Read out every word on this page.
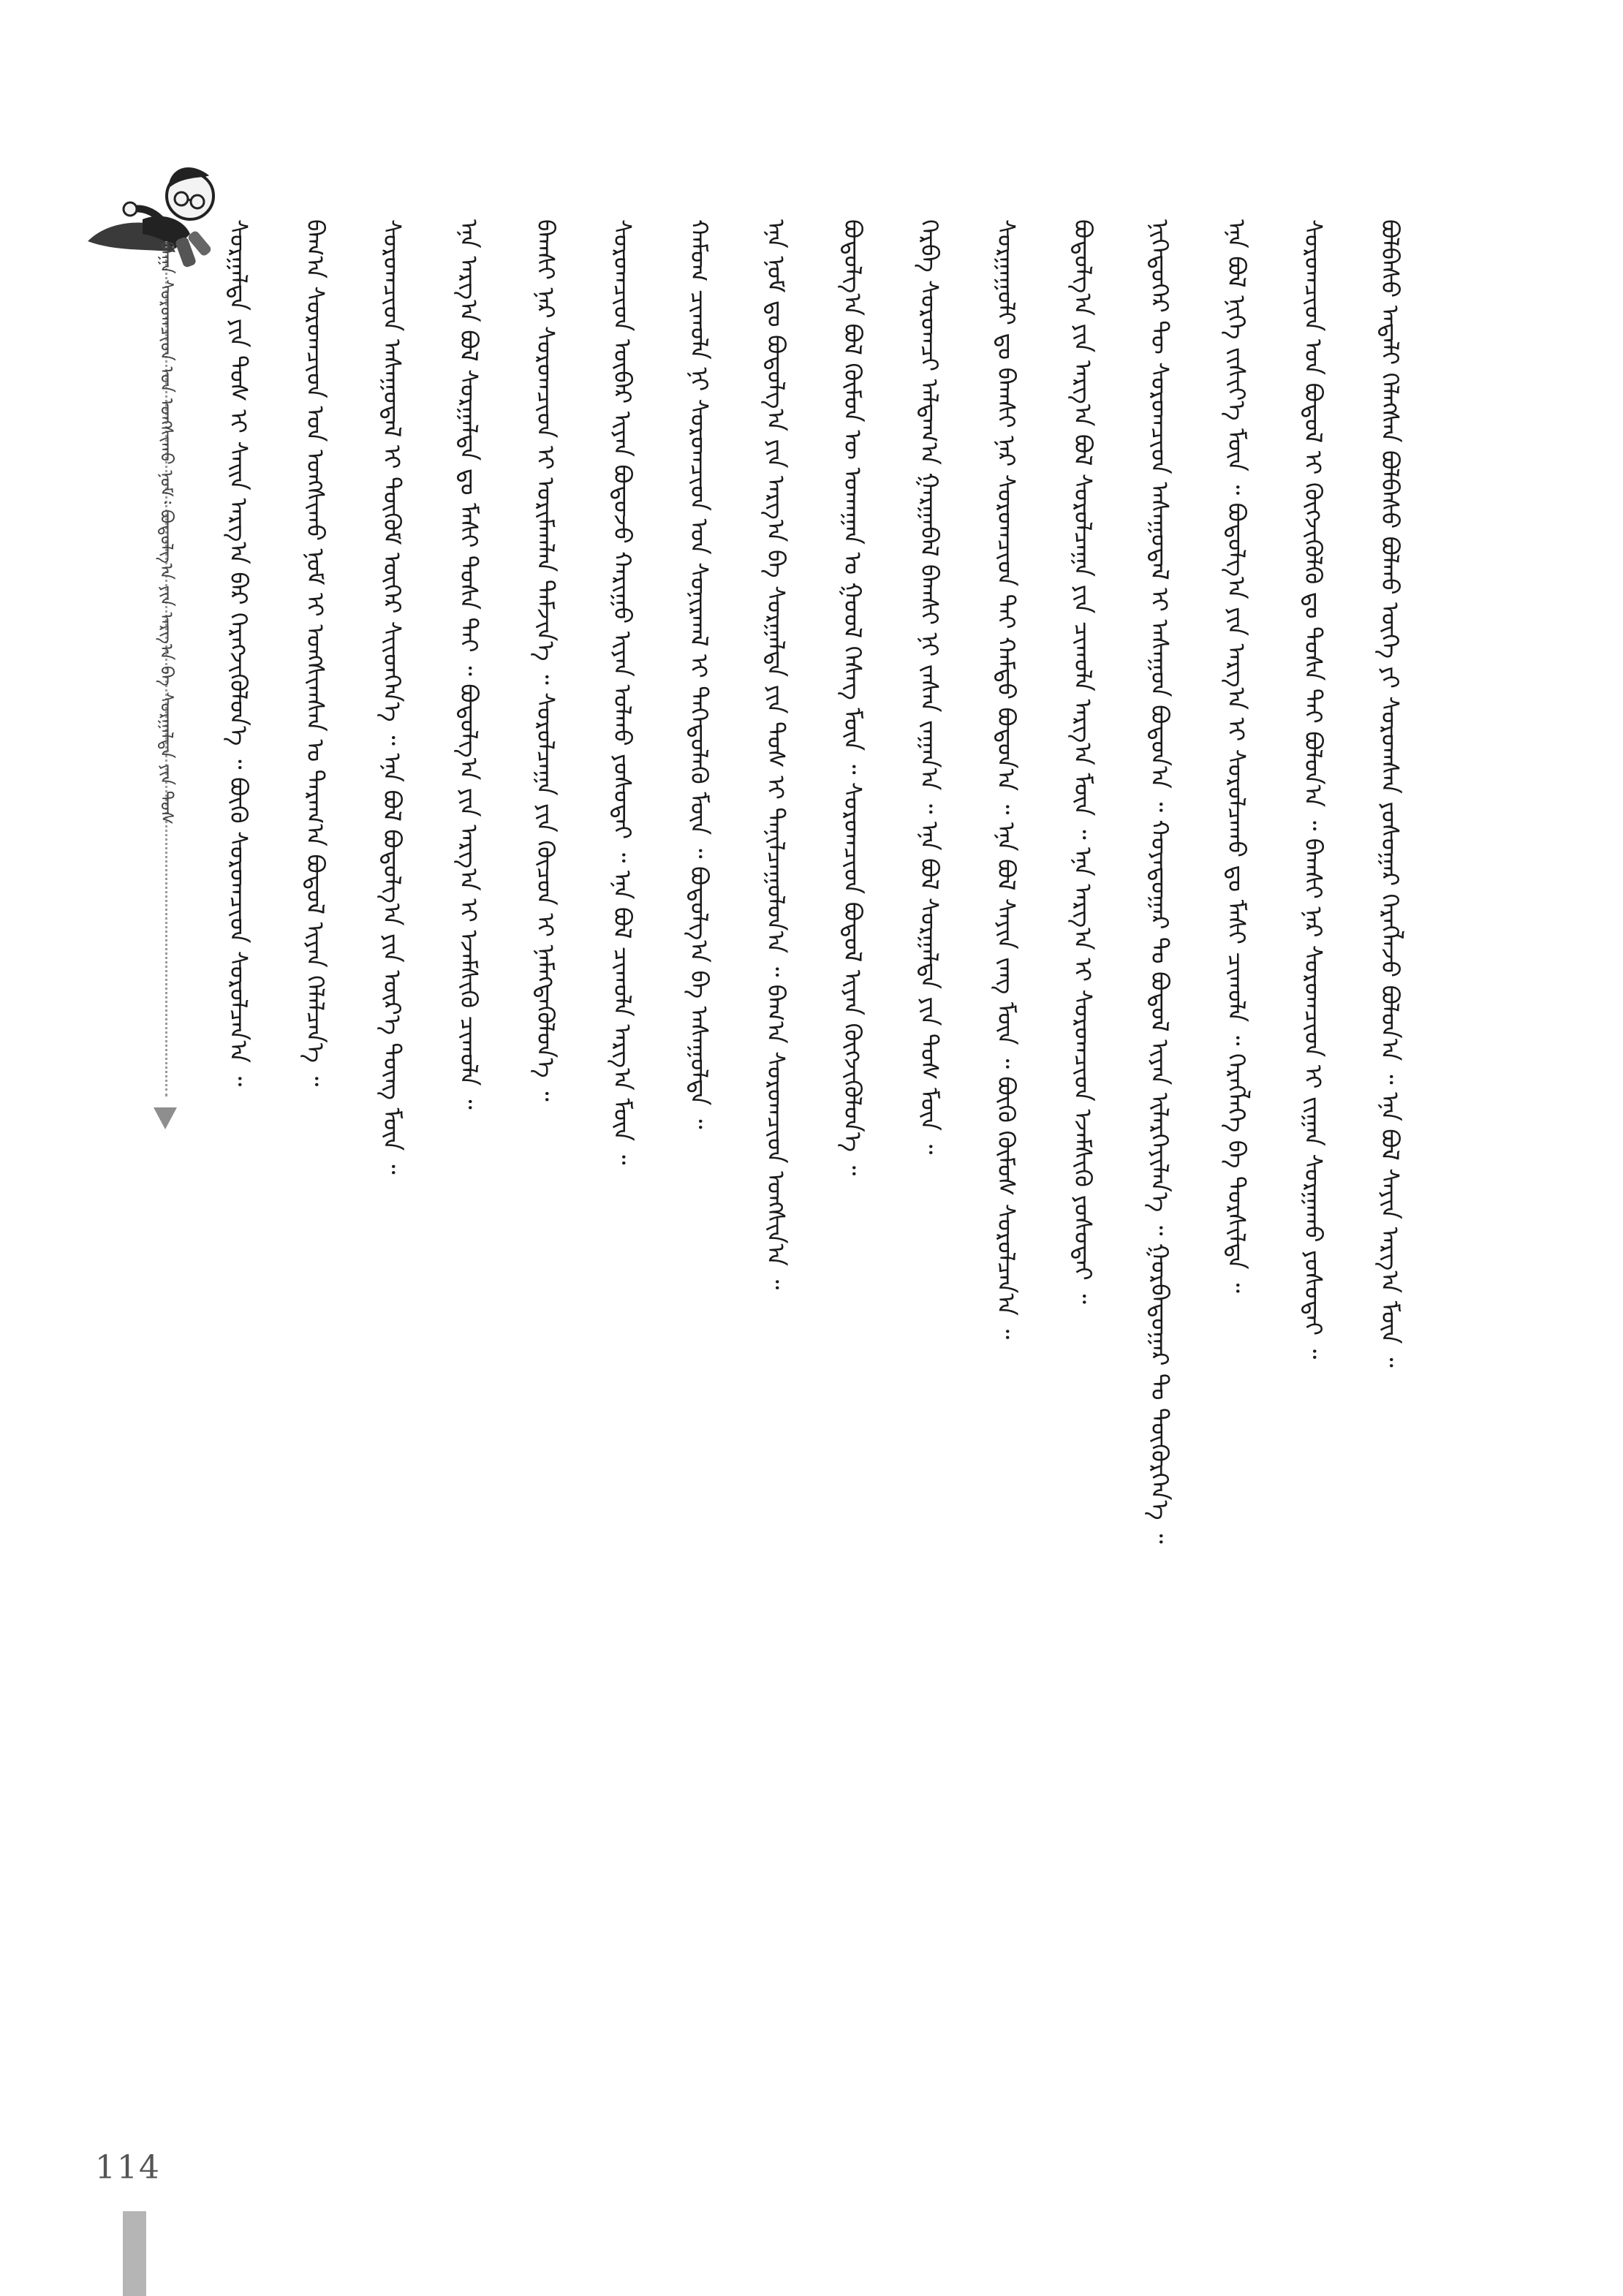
ᠪᠠᠭᠠ ᠰᠤᠷᠤᠭᠴᠢᠳ ᠤᠨ ᠤᠩᠰᠢᠬᠤ ᠨᠣᠮ᠄ ᠪᠣᠳᠤᠯᠭ᠎ᠠ ᠶᠢᠨ ᠠᠷᠭ᠎ᠠ ᠪᠠ ᠰᠤᠷᠭᠠᠯᠲᠠ ᠶᠢᠨ ᠲᠤᠰ ᠰᠤᠷᠭᠠᠯᠲᠠ ᠶᠢᠨ ᠲᠤᠰ ᠢ ᠰᠠᠢᠨ ᠠᠷᠭ᠎ᠠ ᠪᠠᠷ ᠬᠡᠷᠡᠭᠵᠢᠭᠦᠯᠦᠨ᠎ᠡ ᠃ ᠪᠦᠬᠦ ᠰᠤᠷᠤᠭᠴᠢᠳ ᠰᠤᠷᠤᠯᠴᠠᠨ᠎ᠠ ᠃ ᠪᠠᠭ᠎ᠠ ᠰᠤᠷᠤᠭᠴᠢᠳ ᠤᠨ ᠤᠩᠰᠢᠬᠤ ᠨᠣᠮ ᠢ ᠤᠩᠰᠢᠭᠰᠠᠨ ᠤ ᠳᠠᠷᠠᠭ᠎ᠠ ᠪᠣᠳᠤᠯ ᠢᠶᠠᠨ ᠬᠡᠯᠡᠯᠴᠡᠨ᠎ᠡ ᠃ ᠰᠤᠷᠤᠭᠴᠢᠳ ᠠᠰᠠᠭᠤᠳᠠᠯ ᠢ ᠳᠦᠭᠦᠮ ᠦᠭᠡᠷ ᠰᠢᠢᠳᠬᠡᠨ᠎ᠡ ᠃ ᠡᠨᠡ ᠪᠣᠯ ᠪᠣᠳᠤᠯᠭ᠎ᠠ ᠶᠢᠨ ᠦᠷ᠎ᠡ ᠳᠦᠩ ᠮᠥᠨ ᠃ ᠡᠨᠡ ᠠᠷᠭ᠎ᠠ ᠪᠣᠯ ᠰᠤᠷᠭᠠᠯᠲᠠ ᠳᠤ ᠮᠠᠰᠢ ᠲᠤᠰᠠ ᠲᠠᠢ ᠃ ᠪᠣᠳᠤᠯᠭ᠎ᠠ ᠶᠢᠨ ᠠᠷᠭ᠎ᠠ ᠢ ᠡᠵᠡᠮᠰᠢᠬᠦ ᠴᠢᠬᠤᠯᠠ ᠃ ᠪᠠᠭᠰᠢ ᠨᠠᠷ ᠰᠤᠷᠤᠭᠴᠢᠳ ᠢ ᠤᠷᠢᠮᠠᠭᠯᠠᠨ ᠳᠡᠮᠵᠢᠨ᠎ᠡ ᠃ ᠰᠤᠷᠤᠯᠴᠠᠭᠠ ᠶᠢᠨ ᠬᠦᠴᠦᠨ ᠢ ᠨᠡᠮᠡᠭᠳᠡᠭᠦᠯᠦᠨ᠎ᠡ ᠃ ᠰᠤᠷᠤᠭᠴᠢᠳ ᠥᠪᠡᠷ ᠢᠶᠡᠨ ᠪᠣᠳᠤᠵᠤ ᠬᠠᠷᠢᠭᠤ ᠢᠶᠠᠨ ᠣᠯᠬᠤ ᠶᠣᠰᠤᠲᠠᠢ ᠃ ᠡᠨᠡ ᠪᠣᠯ ᠴᠢᠬᠤᠯᠠ ᠠᠷᠭ᠎ᠠ ᠮᠥᠨ ᠃ ᠬᠠᠮᠤᠭ ᠴᠢᠬᠤᠯᠠ ᠨᠢ ᠰᠤᠷᠤᠭᠴᠢᠳ ᠤᠨ ᠰᠣᠨᠢᠷᠬᠠᠯ ᠢ ᠳᠡᠭᠡᠳᠦᠯᠡᠬᠦ ᠮᠥᠨ ᠃ ᠪᠣᠳᠤᠯᠭ᠎ᠠ ᠪᠠ ᠠᠰᠠᠭᠤᠯᠲᠠ ᠃ ᠡᠨᠡ ᠨᠣᠮ ᠳᠤ ᠪᠣᠳᠤᠯᠭ᠎ᠠ ᠶᠢᠨ ᠠᠷᠭ᠎ᠠ ᠪᠠ ᠰᠤᠷᠭᠠᠯᠲᠠ ᠶᠢᠨ ᠲᠤᠰ ᠢ ᠲᠠᠨᠢᠯᠴᠠᠭᠤᠯᠤᠨ᠎ᠠ ᠃ ᠪᠠᠭ᠎ᠠ ᠰᠤᠷᠤᠭᠴᠢᠳ ᠤᠩᠰᠢᠨ᠎ᠠ ᠃ ᠪᠣᠳᠤᠯᠭ᠎ᠠ ᠪᠣᠯ ᠬᠦᠮᠦᠨ ᠦ ᠤᠬᠠᠭᠠᠨ ᠤ ᠭᠣᠣᠯ ᠬᠡᠰᠡᠭ ᠮᠥᠨ ᠃ ᠰᠤᠷᠤᠭᠴᠢᠳ ᠪᠣᠳᠤᠯ ᠢᠶᠠᠨ ᠬᠥᠭᠵᠢᠭᠦᠯᠦᠨ᠎ᠡ ᠃ ᠬᠡᠷᠪᠡ ᠰᠤᠷᠤᠭᠴᠢ ᠠᠯᠳᠠᠭ᠎ᠠ ᠭᠠᠷᠭᠠᠪᠠᠯ ᠪᠠᠭᠰᠢ ᠨᠢ ᠵᠠᠰᠠᠨ ᠵᠠᠭᠠᠨ᠎ᠠ ᠃ ᠡᠨᠡ ᠪᠣᠯ ᠰᠤᠷᠭᠠᠯᠲᠠ ᠶᠢᠨ ᠲᠤᠰ ᠮᠥᠨ ᠃ ᠰᠤᠷᠭᠠᠭᠤᠯᠢ ᠳᠤ ᠪᠠᠭᠰᠢ ᠨᠠᠷ ᠰᠤᠷᠤᠭᠴᠢᠳ ᠲᠠᠢ ᠬᠠᠮᠲᠤ ᠪᠣᠳᠤᠨ᠎ᠠ ᠃ ᠡᠨᠡ ᠪᠣᠯ ᠰᠠᠶᠢᠨ ᠵᠠᠩ ᠮᠥᠨ ᠃ ᠪᠦᠬᠦ ᠬᠦᠮᠦᠰ ᠰᠤᠷᠤᠯᠴᠠᠨ᠎ᠠ ᠃ ᠪᠣᠳᠤᠯᠭ᠎ᠠ ᠶᠢᠨ ᠠᠷᠭ᠎ᠠ ᠪᠣᠯ ᠰᠤᠷᠤᠯᠴᠠᠭᠠ ᠶᠢᠨ ᠴᠢᠬᠤᠯᠠ ᠠᠷᠭ᠎ᠠ ᠮᠥᠨ ᠃ ᠡᠨᠡ ᠠᠷᠭ᠎ᠠ ᠢ ᠰᠤᠷᠤᠭᠴᠢᠳ ᠡᠵᠡᠮᠰᠢᠬᠦ ᠶᠣᠰᠤᠲᠠᠢ ᠃ ᠨᠢᠭᠡᠳᠦᠭᠡᠷ ᠲᠦ ᠰᠤᠷᠤᠭᠴᠢᠳ ᠠᠰᠠᠭᠤᠳᠠᠯ ᠢ ᠠᠰᠠᠭᠤᠨ ᠪᠣᠳᠤᠨ᠎ᠠ ᠃ ᠬᠣᠶᠠᠳᠤᠭᠠᠷ ᠲᠤ ᠪᠣᠳᠤᠯ ᠢᠶᠠᠨ ᠢᠯᠡᠷᠬᠡᠶᠢᠯᠡᠨ᠎ᠡ ᠃ ᠭᠤᠷᠪᠠᠳᠤᠭᠠᠷ ᠲᠤ ᠳᠦᠭᠦᠷᠭᠡᠨ᠎ᠡ ᠃ ᠡᠨᠡ ᠪᠣᠯ ᠨᠢᠭᠡ ᠵᠢᠰᠢᠶ᠎ᠡ ᠮᠥᠨ ᠃ ᠪᠣᠳᠤᠯᠭ᠎ᠠ ᠶᠢᠨ ᠠᠷᠭ᠎ᠠ ᠢ ᠰᠤᠷᠤᠯᠴᠠᠬᠤ ᠳᠤ ᠮᠠᠰᠢ ᠴᠢᠬᠤᠯᠠ ᠃ ᠬᠡᠷᠡᠭᠯᠡᠭᠡ ᠪᠠ ᠲᠤᠷᠰᠢᠯᠲᠠ ᠃ ᠰᠤᠷᠤᠭᠴᠢᠳ ᠤᠨ ᠪᠣᠳᠤᠯ ᠢ ᠬᠥᠭᠵᠢᠭᠦᠯᠬᠦ ᠳᠤ ᠲᠤᠰᠠ ᠲᠠᠢ ᠪᠣᠯᠤᠨ᠎ᠠ ᠃ ᠪᠠᠭᠰᠢ ᠨᠠᠷ ᠰᠤᠷᠤᠭᠴᠢᠳ ᠢ ᠵᠢᠭᠠᠨ ᠰᠤᠷᠭᠠᠬᠤ ᠶᠣᠰᠤᠲᠠᠢ ᠃ ᠪᠣᠯᠪᠠᠰᠤ ᠠᠳᠠᠯᠢ ᠬᠡᠯᠡᠭᠰᠡᠨ ᠪᠣᠯᠪᠠᠰᠤ ᠪᠣᠯᠬᠤ ᠦᠭᠡ ᠶᠢ ᠰᠤᠷᠤᠭᠰᠠᠨ ᠶᠣᠰᠤᠭᠠᠷ ᠬᠡᠷᠡᠭᠯᠡᠵᠦ ᠪᠣᠯᠤᠨ᠎ᠠ ᠃ ᠡᠨᠡ ᠪᠣᠯ ᠰᠠᠶᠢᠨ ᠠᠷᠭ᠎ᠠ ᠮᠥᠨ ᠃
114
